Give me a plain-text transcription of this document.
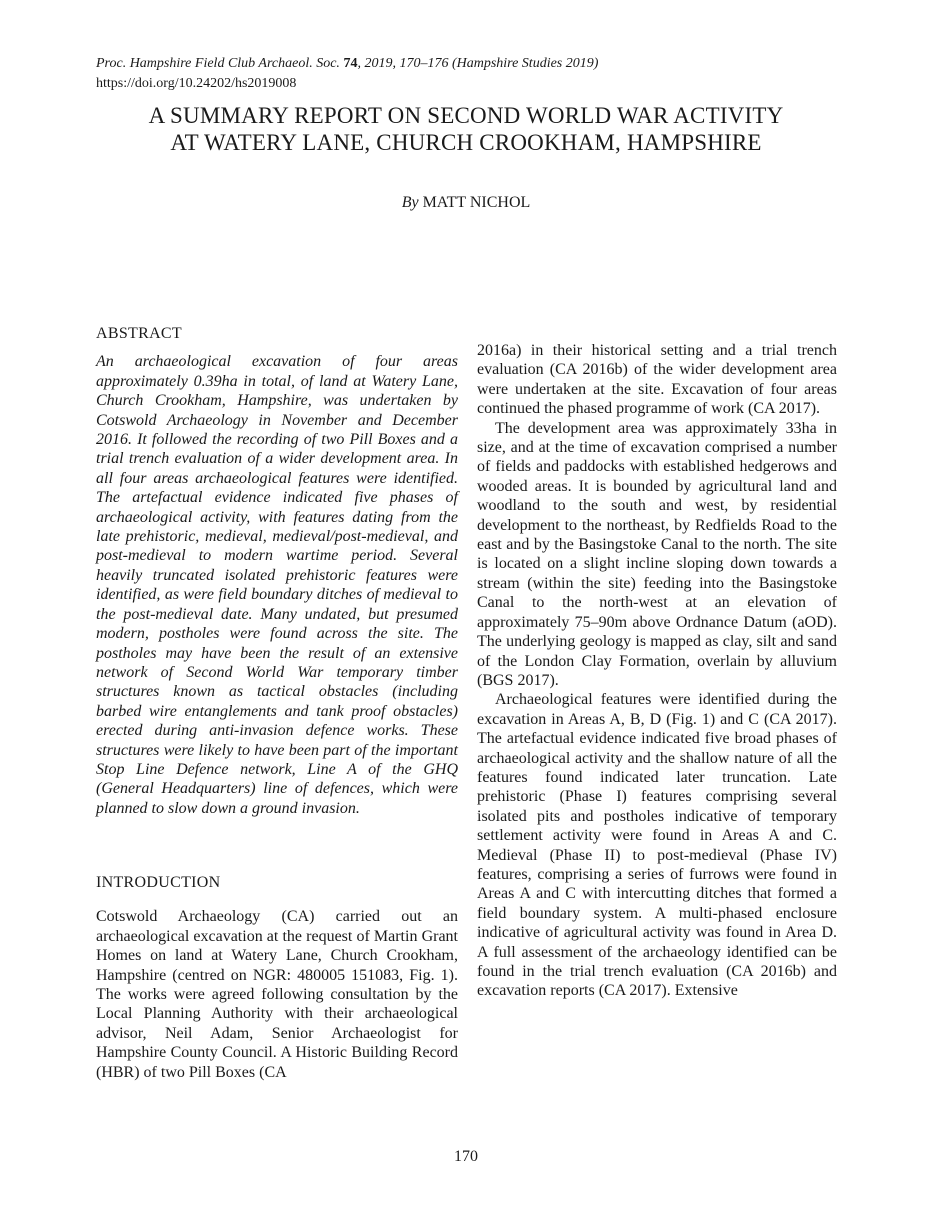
Proc. Hampshire Field Club Archaeol. Soc. 74, 2019, 170–176 (Hampshire Studies 2019)
https://doi.org/10.24202/hs2019008
A SUMMARY REPORT ON SECOND WORLD WAR ACTIVITY
AT WATERY LANE, CHURCH CROOKHAM, HAMPSHIRE
By MATT NICHOL

ABSTRACT

An archaeological excavation of four areas approximately 0.39ha in total, of land at Watery Lane, Church Crookham, Hampshire, was undertaken by Cotswold Archaeology in November and December 2016. It followed the recording of two Pill Boxes and a trial trench evaluation of a wider development area. In all four areas archaeological features were identified. The artefactual evidence indicated five phases of archaeological activity, with features dating from the late prehistoric, medieval, medieval/post-medieval, and post-medieval to modern wartime period. Several heavily truncated isolated prehistoric features were identified, as were field boundary ditches of medieval to the post-medieval date. Many undated, but presumed modern, postholes were found across the site. The postholes may have been the result of an extensive network of Second World War temporary timber structures known as tactical obstacles (including barbed wire entanglements and tank proof obstacles) erected during anti-invasion defence works. These structures were likely to have been part of the important Stop Line Defence network, Line A of the GHQ (General Headquarters) line of defences, which were planned to slow down a ground invasion.

INTRODUCTION

Cotswold Archaeology (CA) carried out an archaeological excavation at the request of Martin Grant Homes on land at Watery Lane, Church Crookham, Hampshire (centred on NGR: 480005 151083, Fig. 1). The works were agreed following consultation by the Local Planning Authority with their archaeological advisor, Neil Adam, Senior Archaeologist for Hampshire County Council. A Historic Building Record (HBR) of two Pill Boxes (CA

2016a) in their historical setting and a trial trench evaluation (CA 2016b) of the wider development area were undertaken at the site. Excavation of four areas continued the phased programme of work (CA 2017).

The development area was approximately 33ha in size, and at the time of excavation comprised a number of fields and paddocks with established hedgerows and wooded areas. It is bounded by agricultural land and woodland to the south and west, by residential development to the northeast, by Redfields Road to the east and by the Basingstoke Canal to the north. The site is located on a slight incline sloping down towards a stream (within the site) feeding into the Basingstoke Canal to the north-west at an elevation of approximately 75–90m above Ordnance Datum (aOD). The underlying geology is mapped as clay, silt and sand of the London Clay Formation, overlain by alluvium (BGS 2017).

Archaeological features were identified during the excavation in Areas A, B, D (Fig. 1) and C (CA 2017). The artefactual evidence indicated five broad phases of archaeological activity and the shallow nature of all the features found indicated later truncation. Late prehistoric (Phase I) features comprising several isolated pits and postholes indicative of temporary settlement activity were found in Areas A and C. Medieval (Phase II) to post-medieval (Phase IV) features, comprising a series of furrows were found in Areas A and C with intercutting ditches that formed a field boundary system. A multi-phased enclosure indicative of agricultural activity was found in Area D. A full assessment of the archaeology identified can be found in the trial trench evaluation (CA 2016b) and excavation reports (CA 2017). Extensive

170
